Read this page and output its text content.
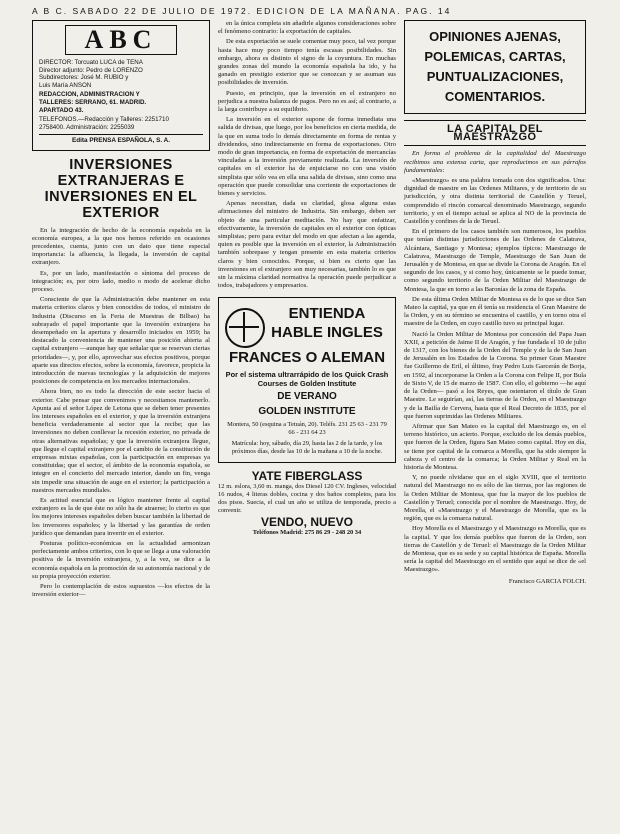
A B C. SABADO 22 DE JULIO DE 1972. EDICION DE LA MAÑANA. PAG. 14
ABC
DIRECTOR: Torcuato LUCA de TENA
Director adjunto: Pedro de LORENZO
Subdirectores: José M. RUBIO y
Luis María ANSON
REDACCION, ADMINISTRACION Y
TALLERES: SERRANO, 61. MADRID.
APARTADO 43.
TELEFONOS.—Redacción y Talleres: 2251710
2758400. Administración: 2255039
Edita PRENSA ESPAÑOLA, S. A.
INVERSIONES EXTRANJERAS E INVERSIONES EN EL EXTERIOR

En la integración de hecho de la economía española en la economía europea, a la que nos hemos referido en ocasiones precedentes, cuenta, junto con un dato que tiene especial importancia: la afluencia, la llegada, la inversión de capital extranjero.

Es, por un lado, manifestación o síntoma del proceso de integración; es, por otro lado, medio o modo de acelerar dicho proceso.

Consciente de que la Administración debe mantener en esta materia criterios claros y bien conocidos de todos, el ministro de Industria (Discurso en la Feria de Muestras de Bilbao) ha subrayado el papel importante que la inversión extranjera ha desempeñado en la apertura y desarrollo iniciados en 1959; ha destacado la conveniencia de mantener una posición abierta al capital extranjero —aunque hay que señalar que se reservan ciertas prioridades—, y, por ello, aprovechar sus efectos positivos, porque aparte sus directos efectos, sobre la economía, favorece, propicia la introducción de nuevas tecnologías y la adquisición de mejores posiciones de competencia en los mercados internacionales.

Ahora bien, no es todo la dirección de este sector hacia el exterior. Cabe pensar que convenimos y necesitamos mantenerlo. Apunta así el señor López de Letona que se deben tener presentes los intereses españoles en el exterior, y que la inversión extranjera beneficia verdaderamente al sector que la recibe; que las inversiones no deben conllevar la recesión exterior, no privada de otras alternativas españolas; y que la inversión extranjera llegue, que llegue el capital extranjero por el cambio de la constitución de empresas mixtas españolas, con la participación en empresas ya constituidas; que el sector, el ámbito de la economía española, se integre en el concierto del mercado interior, dando un fin, venga sin impedir una situación de auge en el exterior; la participación a nuestros mercados mundiales.

Es actitud esencial que es lógico mantener frente al capital extranjero es la de que éste no sólo ha de atraerse; lo cierto es que los mejores intereses españoles deben buscar también la libertad de los inversores españoles; y la libertad y las garantías de orden jurídico que demandan para invertir en el exterior.

Posturas político-económicas en la actualidad armonizan perfectamente ambos criterios, con lo que se llega a una valoración positiva de la inversión extranjera, y, a la vez, se dice a la economía española en la promoción de su autonomía nacional y de su propia proyección exterior.

Pero lo contemplación de estos supuestos —los efectos de la inversión exterior—

en la única completa sin añadirle algunos consideraciones sobre el fenómeno contrario: la exportación de capitales.

De esta exportación se suele comentar muy poco, tal vez porque hasta hace muy poco tiempo tenía escasas posibilidades. Sin embargo, ahora es distinto el signo de la coyuntura. En muchas grandes zonas del mundo la economía española ha ido, y ha ganado en prestigio exterior que se conozcan y se asuman sus posibilidades de inversión.

Puesto, en principio, que la inversión en el extranjero no perjudica a nuestra balanza de pagos. Pero no es así; al contrario, a la larga contribuye a su equilibrio.

La inversión en el exterior supone de forma inmediata una salida de divisas, que luego, por los beneficios en cierta medida, de la que en suma todo lo demás directamente en forma de rentas y dividendos, sino indirectamente en forma de exportaciones. Otro modo de gran importancia, en forma de exportación de mercancías vinculadas a la inversión previamente realizada. La inversión de capitales en el exterior ha de enjuiciarse no con una visión simplista que sólo vea en ella una salida de divisas, sino como una operación que puede consolidar una corriente de exportaciones de bienes y servicios.

Apenas necesitan, dada su claridad, glosa alguna estas afirmaciones del ministro de Industria. Sin embargo, deben ser objeto de una particular meditación. No hay que enfatizar, efectivamente, la inversión de capitales en el exterior con ópticas simplistas; pero para evitar del modo en que afectan a las agenda, quien es posible que la inversión en el exterior, la Administración también sobrepase y tengan presente en esta materia criterios claros y bien conocidos. Porque, si bien es cierto que las inversiones en el extranjero son muy necesarias, también lo es que sin la máxima claridad normativa la operación puede perjudicar a todos, trabajadores y empresarios.

ENTIENDA
HABLE INGLES
FRANCES O ALEMAN
Por el sistema ultrarrápido de los Quick Crash Courses de Golden Institute
DE VERANO
GOLDEN INSTITUTE
Montera, 50 (esquina a Tetuán, 20). Teléfs. 231 25 63 - 231 79 66 - 231 64 23
Matrícula: hoy, sábado, día 29, hasta las 2 de la tarde, y los próximos días, desde las 10 de la mañana a 10 de la noche.
YATE FIBERGLASS
12 m. eslora, 3,60 m. manga, dos Diesel 120 CV. Ingleses, velocidad 16 nudos, 4 literas dobles, cocina y dos baños completos, para los dos pisos. Suecia, el cual un año se utiliza de temporada, precio a convenir.
VENDO, NUEVO
Teléfonos Madrid: 275 86 29 - 248 20 34
OPINIONES AJENAS,
POLEMICAS, CARTAS,
PUNTUALIZACIONES,
COMENTARIOS.
LA CAPITAL DEL MAESTRAZGO

En forma el problema de la capitalidad del Maestrazgo recibimos una extensa carta, que reproducimos en sus párrafos fundamentales:

«Maestrazgo» es una palabra tomada con dos significados. Una: dignidad de maestre en las Ordenes Militares, y de territorio de su jurisdicción, y otra distinta territorial de Castellón y Teruel, comprendido el rincón comarcal denominado Maestrazgo, segundo territorio, y en el tiempo actual se aplica al NO de la provincia de Castellón y confines de la de Teruel.

En el primero de los casos también son numerosos, los pueblos que tenían distintas jurisdicciones de las Ordenes de Calatrava, Alcántara, Santiago y Montesa; ejemplos típicos: Maestrazgo de Calatrava, Maestrazgo de Temple, Maestrazgo de San Juan de Jerusalén y de Montesa, en que se divide la Corona de Aragón. En el segundo de los casos, y si como hoy, únicamente se le puede tomar, como segundo territorio de la Orden Militar del Maestrazgo de Montesa, la que en torno a las Baronías de la zona de España.

De esta última Orden Militar de Montesa es de lo que se dice San Mateo la capital, ya que en él tenía su residencia el Gran Maestre de la Orden, y en su término se encuentra el castillo, y en torno otra el maestre de la Orden, en cuyo castillo tuvo su principal lugar.

Nació la Orden Militar de Montesa por concesión del Papa Juan XXII, a petición de Jaime II de Aragón, y fue fundada el 10 de julio de 1317, con los bienes de la Orden del Temple y de la de San Juan de Jerusalén en los Estados de la Corona. Su primer Gran Maestre fue Guillermo de Eril, el último, fray Pedro Luis Garcerán de Borja, en 1592, al incorporarse la Orden a la Corona con Felipe II, por Bula de Sixto V, de 15 de marzo de 1587. Con ello, el gobierno —he aquí de la Orden— pasó a los Reyes, que ostentaron el título de Gran Maestre. Le seguirían, así, las tierras de la Orden, en el Maestrazgo y de la Bailía de Cervera, hasta que el Real Decreto de 1835, por el que fueron suprimidas las Ordenes Militares.

Afirmar que San Mateo es la capital del Maestrazgo es, en el terreno histórico, un acierto. Porque, excluido de los demás pueblos, que fueron de la Orden, figura San Mateo como capital. Hoy en día, se tiene por capital de la comarca a Morella, que ha sido siempre la cabeza y el centro de la comarca; la Orden Militar y Real en la historia de Montesa.

Y, no puede olvidarse que en el siglo XVIII, que el territorio natural del Maestrazgo no es sólo de las tierras, por las regiones de la Orden Militar de Montesa, que fue la mayor de los pueblos de Castellón y Teruel; conocida por el nombre de Maestrazgo. Hoy, de Morella, el «Maestrazgo y el Maestrazgo de Morella, que es la región, que es la comarca natural.

Hoy Morella es el Maestrazgo y el Maestrazgo es Morella, que es la capital. Y que los demás pueblos que fueron de la Orden, son tierras de Castellón y de Teruel: el Maestrazgo de la Orden Militar de Montesa, que es su sede y su capital histórica de España. Morella sería la capital del Maestrazgo en el sentido que aquí se dice de «el Maestrazgo».

Francisco GARCIA FOLCH.
